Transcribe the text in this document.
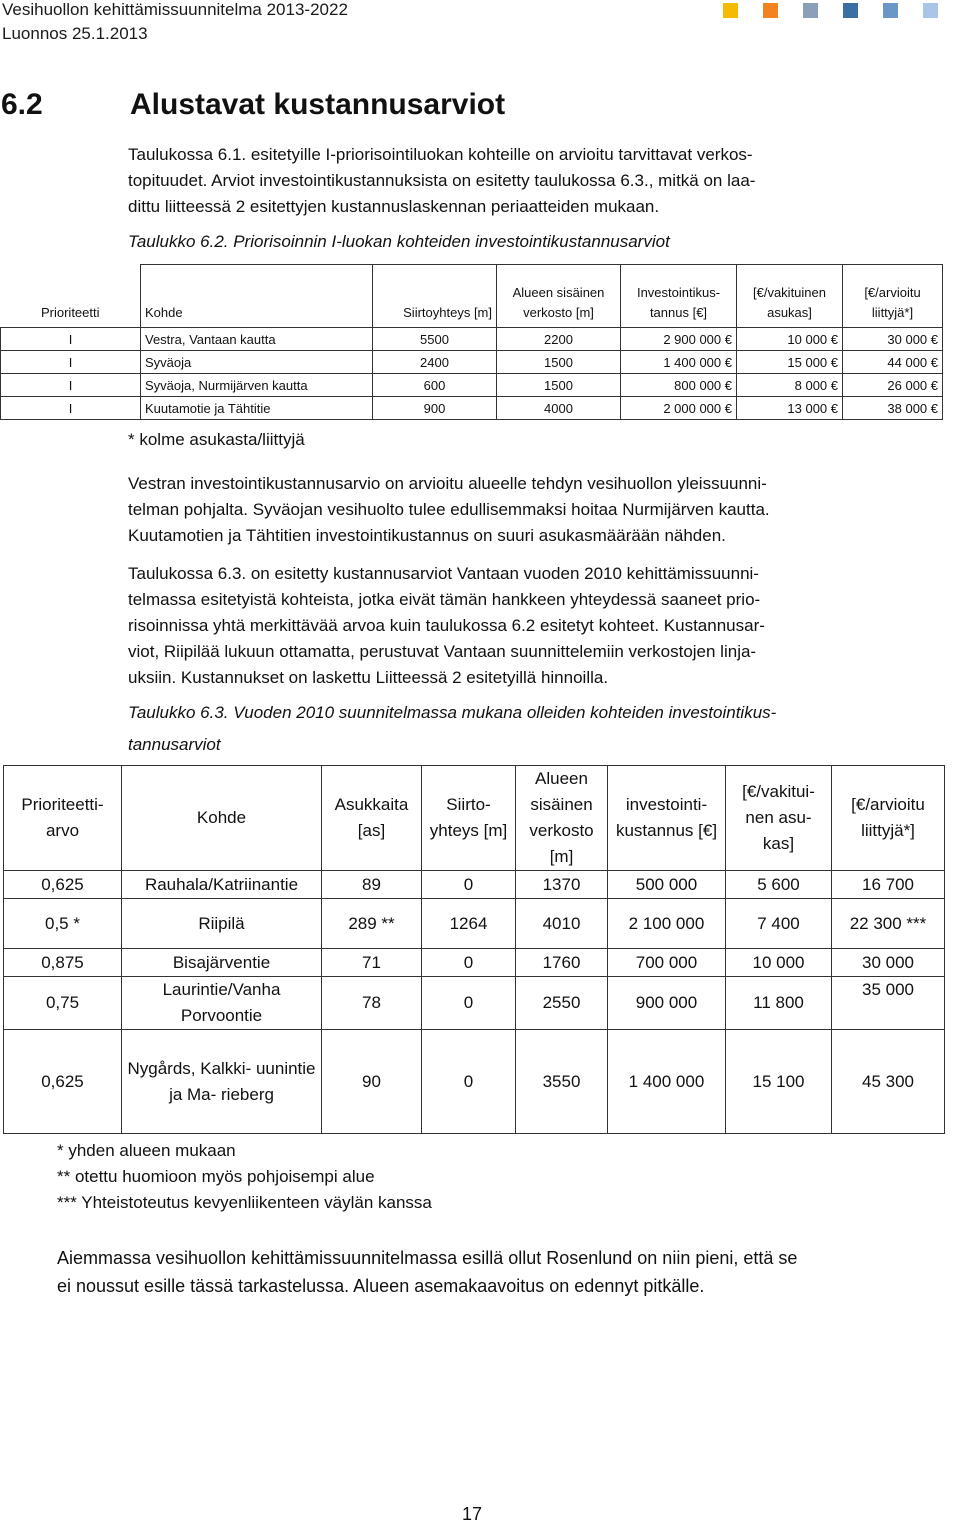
Vesihuollon kehittämissuunnitelma 2013-2022
Luonnos 25.1.2013
6.2	Alustavat kustannusarviot

Taulukossa 6.1. esitetyille I-priorisointiluokan kohteille on arvioitu tarvittavat verkos-
topituudet. Arviot investointikustannuksista on esitetty taulukossa 6.3., mitkä on laa-
dittu liitteessä 2 esitettyjen kustannuslaskennan periaatteiden mukaan.

Taulukko 6.2. Priorisoinnin I-luokan kohteiden investointikustannusarviot

Prioriteetti	Kohde	Siirtoyhteys [m]	Alueen sisäinen verkosto [m]	Investointikus- tannus [€]	[€/vakituinen asukas]	[€/arvioitu liittyjä*]
I	Vestra, Vantaan kautta	5500	2200	2 900 000 €	10 000 €	30 000 €
I	Syväoja	2400	1500	1 400 000 €	15 000 €	44 000 €
I	Syväoja, Nurmijärven kautta	600	1500	800 000 €	8 000 €	26 000 €
I	Kuutamotie ja Tähtitie	900	4000	2 000 000 €	13 000 €	38 000 €

* kolme asukasta/liittyjä

Vestran investointikustannusarvio on arvioitu alueelle tehdyn vesihuollon yleissuunni-
telman pohjalta. Syväojan vesihuolto tulee edullisemmaksi hoitaa Nurmijärven kautta.
Kuutamotien ja Tähtitien investointikustannus on suuri asukasmäärään nähden.

Taulukossa 6.3. on esitetty kustannusarviot Vantaan vuoden 2010 kehittämissuunni-
telmassa esitetyistä kohteista, jotka eivät tämän hankkeen yhteydessä saaneet prio-
risoinnissa yhtä merkittävää arvoa kuin taulukossa 6.2 esitetyt kohteet. Kustannusar-
viot, Riipilää lukuun ottamatta, perustuvat Vantaan suunnittelemiin verkostojen linja-
uksiin. Kustannukset on laskettu Liitteessä 2 esitetyillä hinnoilla.

Taulukko 6.3. Vuoden 2010 suunnitelmassa mukana olleiden kohteiden investointikus-

tannusarviot

Prioriteetti- arvo	Kohde	Asukkaita [as]	Siirto- yhteys [m]	Alueen sisäinen verkosto [m]	investointi- kustannus [€]	[€/vakitui- nen asu- kas]	[€/arvioitu liittyjä*]
0,625	Rauhala/Katriinantie	89	0	1370	500 000	5 600	16 700
0,5 *	Riipilä	289 **	1264	4010	2 100 000	7 400	22 300 ***
0,875	Bisajärventie	71	0	1760	700 000	10 000	30 000
0,75	Laurintie/Vanha Porvoontie	78	0	2550	900 000	11 800	35 000
0,625	Nygårds, Kalkki- uunintie ja Ma- rieberg	90	0	3550	1 400 000	15 100	45 300

* yhden alueen mukaan
** otettu huomioon myös pohjoisempi alue
*** Yhteistoteutus kevyenliikenteen väylän kanssa

Aiemmassa vesihuollon kehittämissuunnitelmassa esillä ollut Rosenlund on niin pieni, että se
ei noussut esille tässä tarkastelussa. Alueen asemakaavoitus on edennyt pitkälle.

17
